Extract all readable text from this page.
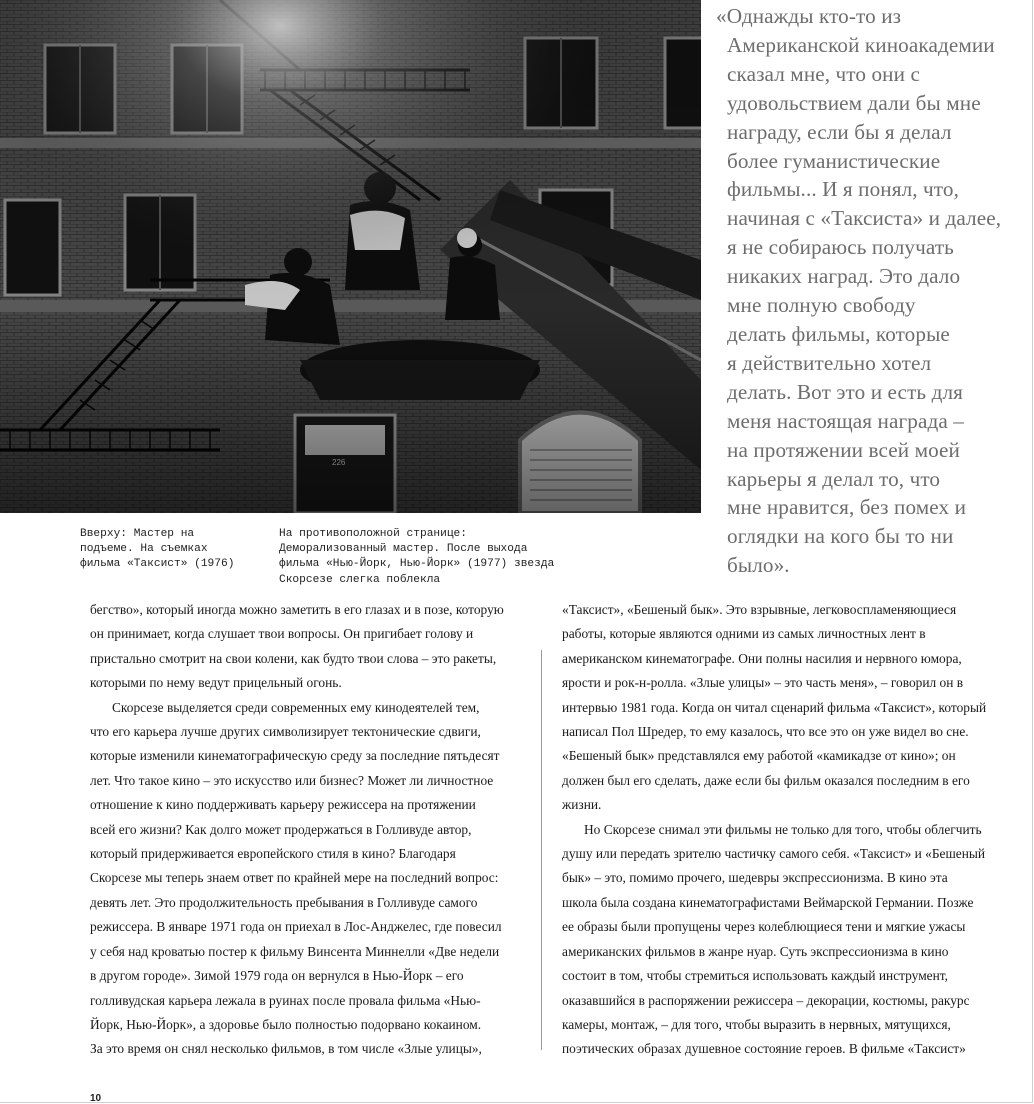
«Однажды кто-то из
Американской киноакадемии
сказал мне, что они с
удовольствием дали бы мне
награду, если бы я делал
более гуманистические
фильмы... И я понял, что,
начиная с «Таксиста» и далее,
я не собираюсь получать
никаких наград. Это дало
мне полную свободу
делать фильмы, которые
я действительно хотел
делать. Вот это и есть для
меня настоящая награда –
на протяжении всей моей
карьеры я делал то, что
мне нравится, без помех и
оглядки на кого бы то ни
было».
Вверху: Мастер на
подъеме. На съемках
фильма «Таксист» (1976)
На противоположной странице:
Деморализованный мастер. После выхода
фильма «Нью-Йорк, Нью-Йорк» (1977) звезда
Скорсезе слегка поблекла
бегство», который иногда можно заметить в его глазах и в позе, которую
он принимает, когда слушает твои вопросы. Он пригибает голову и
пристально смотрит на свои колени, как будто твои слова – это ракеты,
которыми по нему ведут прицельный огонь.
Скорсезе выделяется среди современных ему кинодеятелей тем,
что его карьера лучше других символизирует тектонические сдвиги,
которые изменили кинематографическую среду за последние пятьдесят
лет. Что такое кино – это искусство или бизнес? Может ли личностное
отношение к кино поддерживать карьеру режиссера на протяжении
всей его жизни? Как долго может продержаться в Голливуде автор,
который придерживается европейского стиля в кино? Благодаря
Скорсезе мы теперь знаем ответ по крайней мере на последний вопрос:
девять лет. Это продолжительность пребывания в Голливуде самого
режиссера. В январе 1971 года он приехал в Лос-Анджелес, где повесил
у себя над кроватью постер к фильму Винсента Миннелли «Две недели
в другом городе». Зимой 1979 года он вернулся в Нью-Йорк – его
голливудская карьера лежала в руинах после провала фильма «Нью-
Йорк, Нью-Йорк», а здоровье было полностью подорвано кокаином.
За это время он снял несколько фильмов, в том числе «Злые улицы»,
«Таксист», «Бешеный бык». Это взрывные, легковоспламеняющиеся
работы, которые являются одними из самых личностных лент в
американском кинематографе. Они полны насилия и нервного юмора,
ярости и рок-н-ролла. «Злые улицы» – это часть меня», – говорил он в
интервью 1981 года. Когда он читал сценарий фильма «Таксист», который
написал Пол Шредер, то ему казалось, что все это он уже видел во сне.
«Бешеный бык» представлялся ему работой «камикадзе от кино»; он
должен был его сделать, даже если бы фильм оказался последним в его
жизни.
Но Скорсезе снимал эти фильмы не только для того, чтобы облегчить
душу или передать зрителю частичку самого себя. «Таксист» и «Бешеный
бык» – это, помимо прочего, шедевры экспрессионизма. В кино эта
школа была создана кинематографистами Веймарской Германии. Позже
ее образы были пропущены через колеблющиеся тени и мягкие ужасы
американских фильмов в жанре нуар. Суть экспрессионизма в кино
состоит в том, чтобы стремиться использовать каждый инструмент,
оказавшийся в распоряжении режиссера – декорации, костюмы, ракурс
камеры, монтаж, – для того, чтобы выразить в нервных, мятущихся,
поэтических образах душевное состояние героев. В фильме «Таксист»
10
